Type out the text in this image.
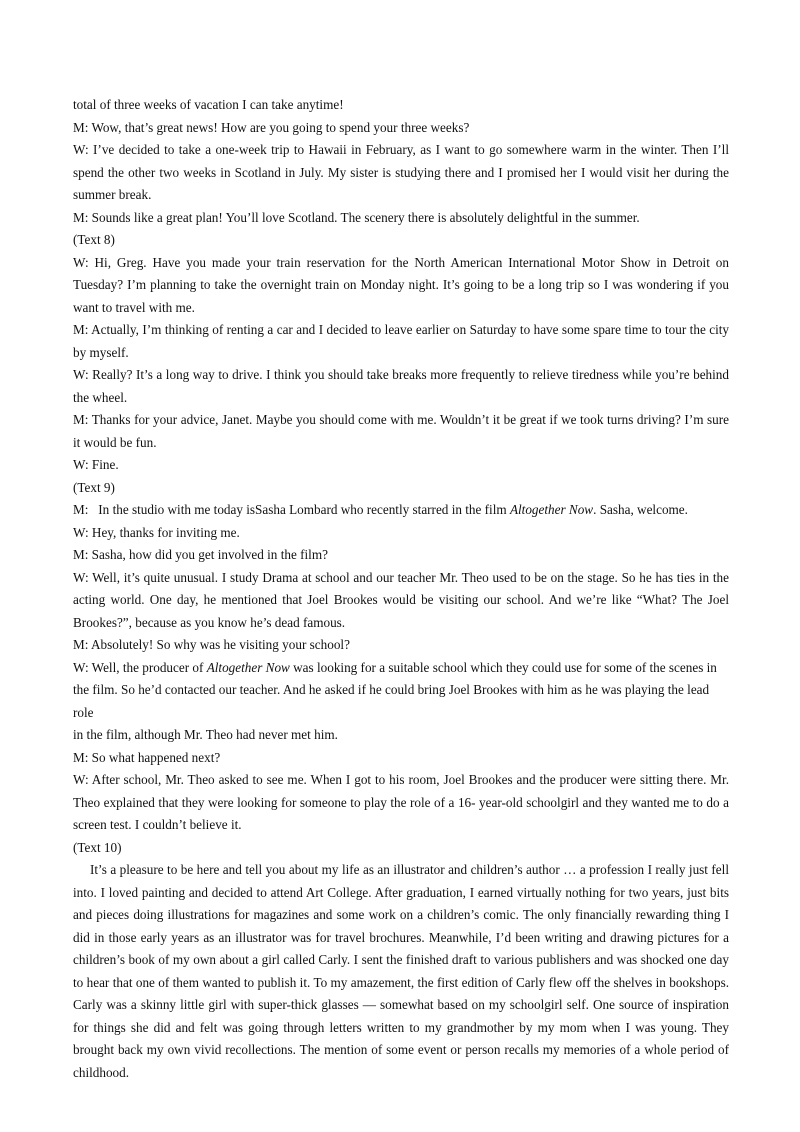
total of three weeks of vacation I can take anytime!

M: Wow, that’s great news! How are you going to spend your three weeks?

W: I’ve decided to take a one-week trip to Hawaii in February, as I want to go somewhere warm in the winter. Then I’ll spend the other two weeks in Scotland in July. My sister is studying there and I promised her I would visit her during the summer break.

M: Sounds like a great plan! You’ll love Scotland. The scenery there is absolutely delightful in the summer.

(Text 8)

W: Hi, Greg. Have you made your train reservation for the North American International Motor Show in Detroit on Tuesday? I’m planning to take the overnight train on Monday night. It’s going to be a long trip so I was wondering if you want to travel with me.

M: Actually, I’m thinking of renting a car and I decided to leave earlier on Saturday to have some spare time to tour the city by myself.

W: Really? It’s a long way to drive. I think you should take breaks more frequently to relieve tiredness while you’re behind the wheel.

M: Thanks for your advice, Janet. Maybe you should come with me. Wouldn’t it be great if we took turns driving? I’m sure it would be fun.

W: Fine.

(Text 9)

M:   In the studio with me today isSasha Lombard who recently starred in the film Altogether Now. Sasha, welcome.

W: Hey, thanks for inviting me.

M: Sasha, how did you get involved in the film?

W: Well, it’s quite unusual. I study Drama at school and our teacher Mr. Theo used to be on the stage. So he has ties in the acting world. One day, he mentioned that Joel Brookes would be visiting our school. And we’re like “What? The Joel Brookes?”, because as you know he’s dead famous.

M: Absolutely! So why was he visiting your school?

W: Well, the producer of Altogether Now was looking for a suitable school which they could use for some of the scenes in the film. So he’d contacted our teacher. And he asked if he could bring Joel Brookes with him as he was playing the lead role

in the film, although Mr. Theo had never met him.

M: So what happened next?

W: After school, Mr. Theo asked to see me. When I got to his room, Joel Brookes and the producer were sitting there. Mr. Theo explained that they were looking for someone to play the role of a 16- year-old schoolgirl and they wanted me to do a screen test. I couldn’t believe it.

(Text 10)

It’s a pleasure to be here and tell you about my life as an illustrator and children’s author … a profession I really just fell into. I loved painting and decided to attend Art College. After graduation, I earned virtually nothing for two years, just bits and pieces doing illustrations for magazines and some work on a children’s comic. The only financially rewarding thing I did in those early years as an illustrator was for travel brochures. Meanwhile, I’d been writing and drawing pictures for a children’s book of my own about a girl called Carly. I sent the finished draft to various publishers and was shocked one day to hear that one of them wanted to publish it. To my amazement, the first edition of Carly flew off the shelves in bookshops. Carly was a skinny little girl with super-thick glasses — somewhat based on my schoolgirl self. One source of inspiration for things she did and felt was going through letters written to my grandmother by my mom when I was young. They brought back my own vivid recollections. The mention of some event or person recalls my memories of a whole period of childhood.
